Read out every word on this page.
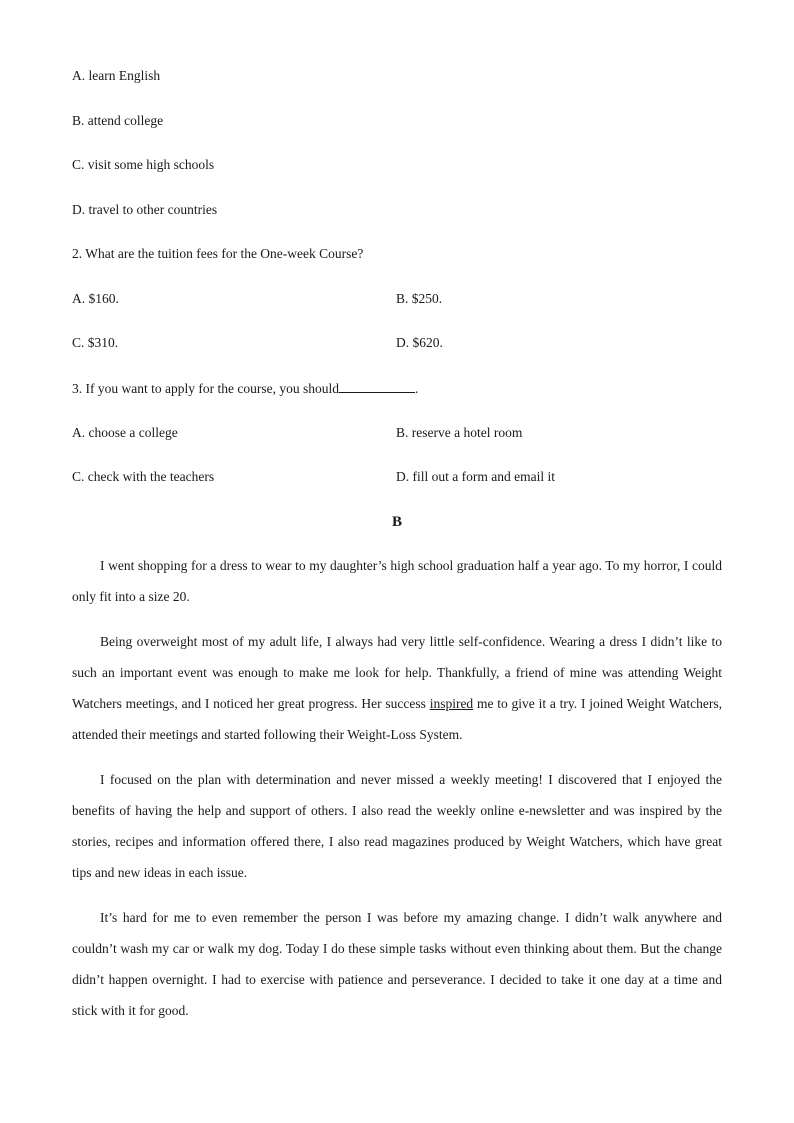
A. learn English
B. attend college
C. visit some high schools
D. travel to other countries
2. What are the tuition fees for the One-week Course?
A. $160.	B. $250.
C. $310.	D. $620.
3. If you want to apply for the course, you should	.
A. choose a college	B. reserve a hotel room
C. check with the teachers	D. fill out a form and email it
B

I went shopping for a dress to wear to my daughter’s high school graduation half a year ago. To my horror, I could only fit into a size 20.

Being overweight most of my adult life, I always had very little self-confidence. Wearing a dress I didn’t like to such an important event was enough to make me look for help. Thankfully, a friend of mine was attending Weight Watchers meetings, and I noticed her great progress. Her success inspired me to give it a try. I joined Weight Watchers, attended their meetings and started following their Weight-Loss System.

I focused on the plan with determination and never missed a weekly meeting! I discovered that I enjoyed the benefits of having the help and support of others. I also read the weekly online e-newsletter and was inspired by the stories, recipes and information offered there, I also read magazines produced by Weight Watchers, which have great tips and new ideas in each issue.

It’s hard for me to even remember the person I was before my amazing change. I didn’t walk anywhere and couldn’t wash my car or walk my dog. Today I do these simple tasks without even thinking about them. But the change didn’t happen overnight. I had to exercise with patience and perseverance. I decided to take it one day at a time and stick with it for good.
